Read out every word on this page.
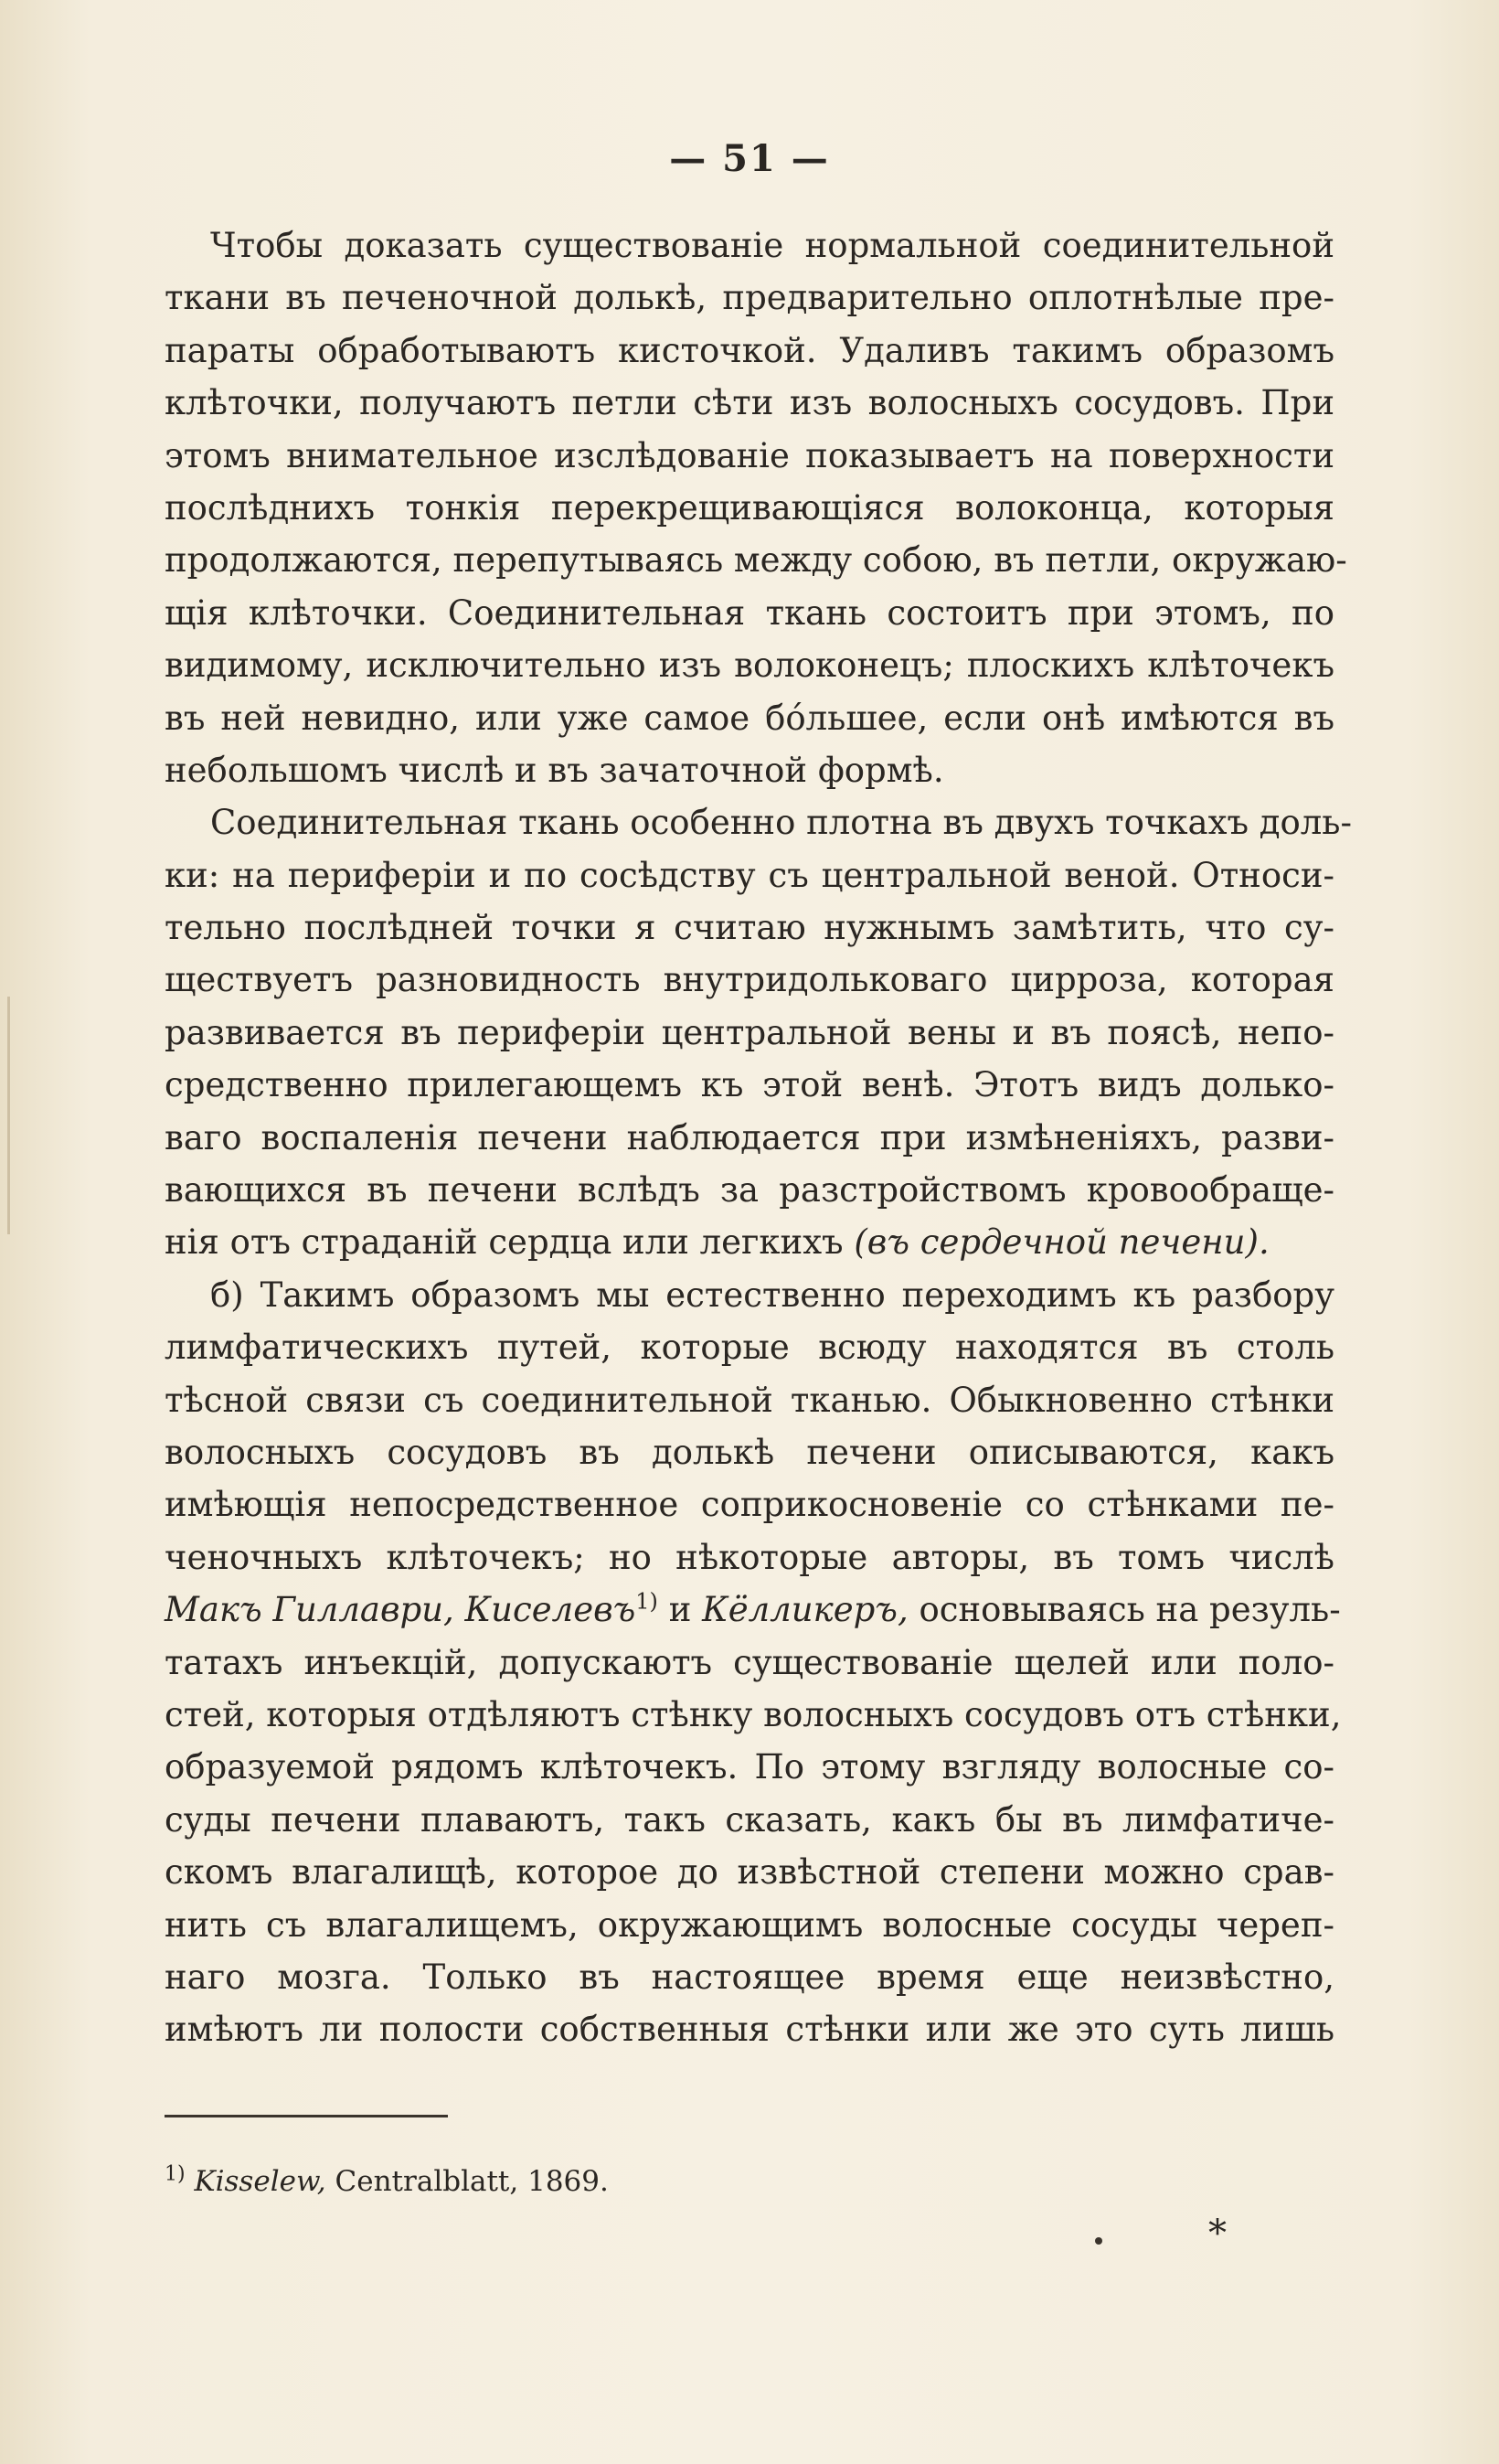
— 51 —
Чтобы доказать существованіе нормальной соединительной
ткани въ печеночной долькѣ, предварительно оплотнѣлые пре-
параты обработываютъ кисточкой. Удаливъ такимъ образомъ
клѣточки, получаютъ петли сѣти изъ волосныхъ сосудовъ. При
этомъ внимательное изслѣдованіе показываетъ на поверхности
послѣднихъ тонкія перекрещивающіяся волоконца, которыя
продолжаются, перепутываясь между собою, въ петли, окружаю-
щія клѣточки. Соединительная ткань состоитъ при этомъ, по
видимому, исключительно изъ волоконецъ; плоскихъ клѣточекъ
въ ней невидно, или уже самое бóльшее, если онѣ имѣются въ
небольшомъ числѣ и въ зачаточной формѣ.
Соединительная ткань особенно плотна въ двухъ точкахъ доль-
ки: на периферіи и по сосѣдству съ центральной веной. Относи-
тельно послѣдней точки я считаю нужнымъ замѣтить, что су-
ществуетъ разновидность внутридольковаго цирроза, которая
развивается въ периферіи центральной вены и въ поясѣ, непо-
средственно прилегающемъ къ этой венѣ. Этотъ видъ долько-
ваго воспаленія печени наблюдается при измѣненіяхъ, разви-
вающихся въ печени вслѣдъ за разстройствомъ кровообраще-
нія отъ страданій сердца или легкихъ (въ сердечной печени).
б) Такимъ образомъ мы естественно переходимъ къ разбору
лимфатическихъ путей, которые всюду находятся въ столь
тѣсной связи съ соединительной тканью. Обыкновенно стѣнки
волосныхъ сосудовъ въ долькѣ печени описываются, какъ
имѣющія непосредственное соприкосновеніе со стѣнками пе-
ченочныхъ клѣточекъ; но нѣкоторые авторы, въ томъ числѣ
Макъ Гиллаври, Киселевъ$^{1)}$ и Кёлликеръ, основываясь на резуль-
татахъ инъекцій, допускаютъ существованіе щелей или поло-
стей, которыя отдѣляютъ стѣнку волосныхъ сосудовъ отъ стѣнки,
образуемой рядомъ клѣточекъ. По этому взгляду волосные со-
суды печени плаваютъ, такъ сказать, какъ бы въ лимфатиче-
скомъ влагалищѣ, которое до извѣстной степени можно срав-
нить съ влагалищемъ, окружающимъ волосные сосуды череп-
наго мозга. Только въ настоящее время еще неизвѣстно,
имѣютъ ли полости собственныя стѣнки или же это суть лишь
$^{1)}$ Kisselew, Centralblatt, 1869.
*
